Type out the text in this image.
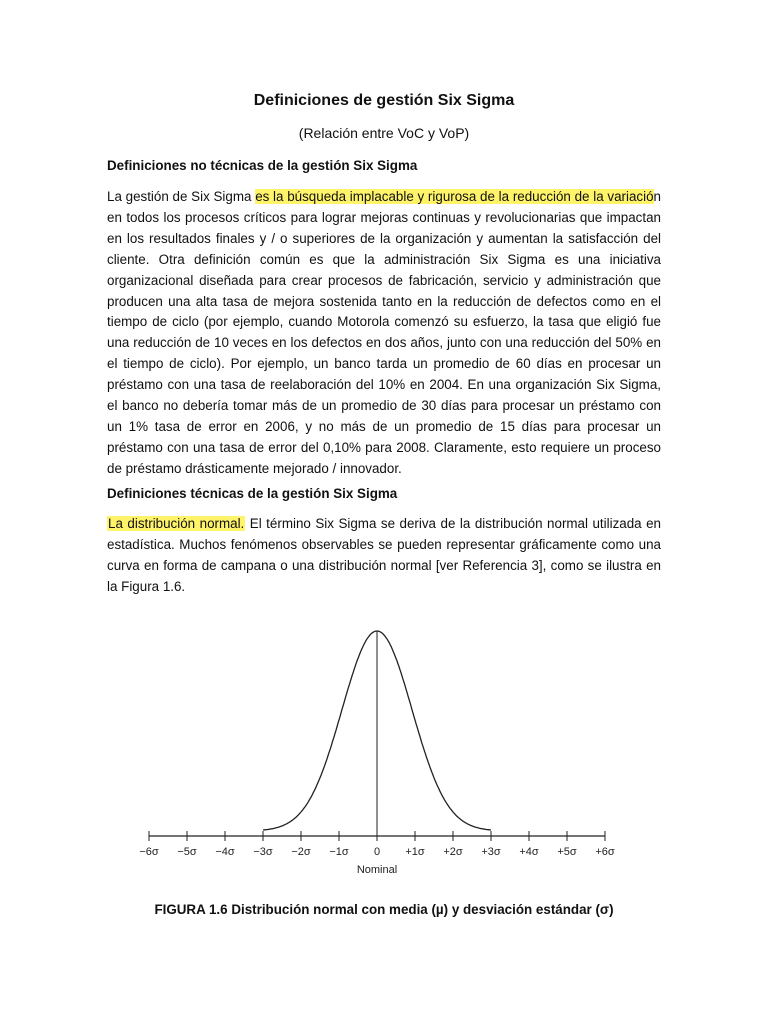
Definiciones de gestión Six Sigma
(Relación entre VoC y VoP)
Definiciones no técnicas de la gestión Six Sigma
La gestión de Six Sigma es la búsqueda implacable y rigurosa de la reducción de la variación en todos los procesos críticos para lograr mejoras continuas y revolucionarias que impactan en los resultados finales y / o superiores de la organización y aumentan la satisfacción del cliente. Otra definición común es que la administración Six Sigma es una iniciativa organizacional diseñada para crear procesos de fabricación, servicio y administración que producen una alta tasa de mejora sostenida tanto en la reducción de defectos como en el tiempo de ciclo (por ejemplo, cuando Motorola comenzó su esfuerzo, la tasa que eligió fue una reducción de 10 veces en los defectos en dos años, junto con una reducción del 50% en el tiempo de ciclo). Por ejemplo, un banco tarda un promedio de 60 días en procesar un préstamo con una tasa de reelaboración del 10% en 2004. En una organización Six Sigma, el banco no debería tomar más de un promedio de 30 días para procesar un préstamo con un 1% tasa de error en 2006, y no más de un promedio de 15 días para procesar un préstamo con una tasa de error del 0,10% para 2008. Claramente, esto requiere un proceso de préstamo drásticamente mejorado / innovador.
Definiciones técnicas de la gestión Six Sigma
La distribución normal. El término Six Sigma se deriva de la distribución normal utilizada en estadística. Muchos fenómenos observables se pueden representar gráficamente como una curva en forma de campana o una distribución normal [ver Referencia 3], como se ilustra en la Figura 1.6.
−6σ −5σ −4σ −3σ −2σ −1σ 0 +1σ +2σ +3σ +4σ +5σ +6σ
Nominal
FIGURA 1.6 Distribución normal con media (µ) y desviación estándar (σ)
